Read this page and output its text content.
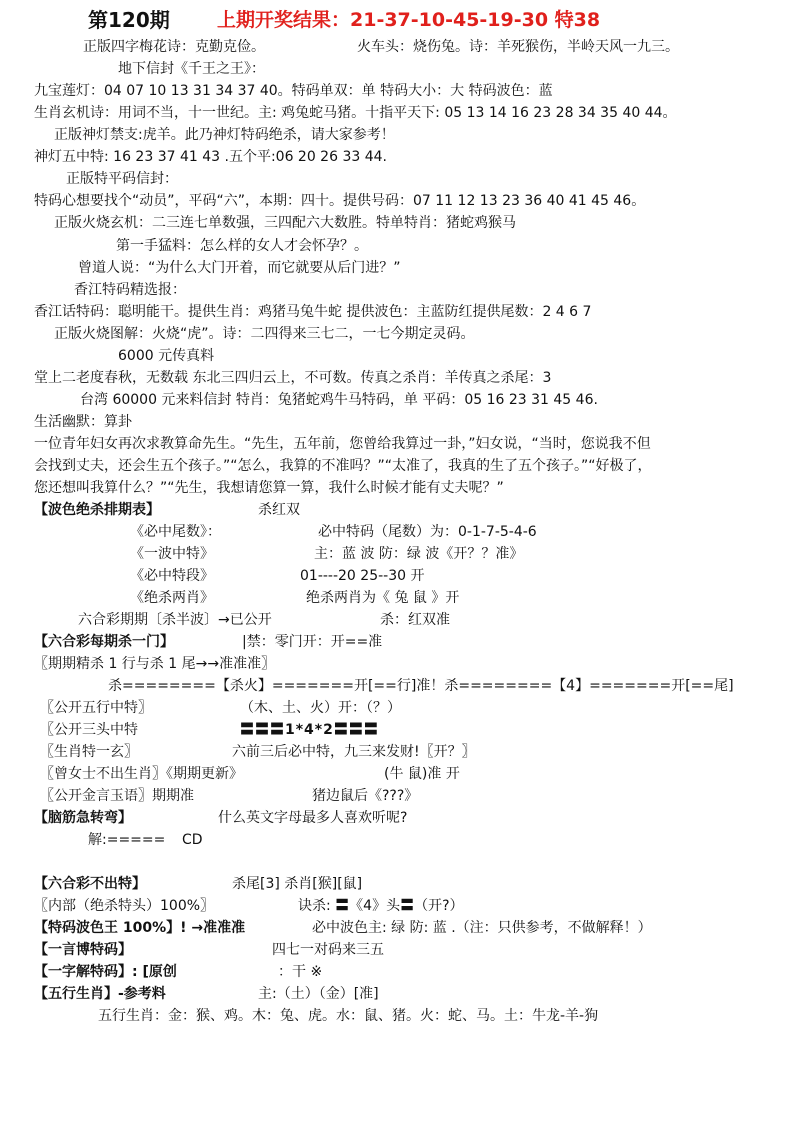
第120期 上期开奖结果：21-37-10-45-19-30 特38
正版四字梅花诗：克勤克俭。	火车头：烧伤兔。诗：羊死猴伤，半岭天风一九三。
地下信封《千王之王》：
九宝莲灯：04 07 10 13 31 34 37 40。特码单双：单 特码大小：大 特码波色：蓝
生肖玄机诗：用词不当，十一世纪。主: 鸡兔蛇马猪。十指平天下: 05 13 14 16 23 28 34 35 40 44。
正版神灯禁支:虎羊。此乃神灯特码绝杀，请大家参考！
神灯五中特: 16 23 37 41 43 .五个平:06 20 26 33 44.
正版特平码信封：
特码心想要找个“动员”，平码“六”，本期：四十。提供号码：07 11 12 13 23 36 40 41 45 46。
正版火烧玄机：二三连七单数强，三四配六大数胜。特单特肖：猪蛇鸡猴马
第一手猛料：怎么样的女人才会怀孕？。
曾道人说：“为什么大门开着，而它就要从后门进？”
香江特码精选报：
香江话特码：聪明能干。提供生肖：鸡猪马兔牛蛇 提供波色：主蓝防红提供尾数：2 4 6 7
正版火烧图解：火烧“虎”。诗：二四得来三七二，一七今期定灵码。
6000 元传真料
堂上二老度春秋，无数载 东北三四归云上，不可数。传真之杀肖：羊传真之杀尾：3
台湾 60000 元来料信封 特肖：兔猪蛇鸡牛马特码，单 平码：05 16 23 31 45 46.
生活幽默：算卦
一位青年妇女再次求教算命先生。“先生，五年前，您曾给我算过一卦，”妇女说，“当时，您说我不但
会找到丈夫，还会生五个孩子。”“怎么，我算的不准吗？”“太准了，我真的生了五个孩子。”“好极了，
您还想叫我算什么？”“先生，我想请您算一算，我什么时候才能有丈夫呢？”
【波色绝杀排期表】	杀红双
《必中尾数》：	必中特码（尾数）为：0-1-7-5-4-6
《一波中特》	主：蓝 波 防：绿 波《开？？准》
《必中特段》	01----20 25--30 开
《绝杀两肖》	绝杀两肖为《 兔 鼠 》开
六合彩期期〔杀半波〕→已公开	杀：红双准
【六合彩每期杀一门】	|禁：零门开：开==准
〖期期精杀 1 行与杀 1 尾→→准准准〗
杀========【杀火】=======开[==行]准！杀========【4】=======开[==尾]
〖公开五行中特〗	（木、土、火）开：（？）
〖公开三头中特	〓〓〓1*4*2〓〓〓
〖生肖特一玄〗	六前三后必中特，九三来发财!〖开？〗
〖曾女士不出生肖〗《期期更新》	(牛 鼠)准 开
〖公开金言玉语〗期期准	猪边鼠后《???》
【脑筋急转弯】	什么英文字母最多人喜欢听呢?
解:===== CD
【六合彩不出特】	杀尾[3] 杀肖[猴][鼠]
〖内部（绝杀特头）100%〗	诀杀: 〓《4》头〓（开?）
【特码波色王 100%】! →准准准	必中波色主: 绿 防: 蓝 .（注：只供参考，不做解释！）
【一言博特码】	四七一对码来三五
【一字解特码】: [原创	：干 ※
【五行生肖】-参考料	主:（土）（金）[准]
五行生肖：金：猴、鸡。木：兔、虎。水：鼠、猪。火：蛇、马。土：牛龙-羊-狗
